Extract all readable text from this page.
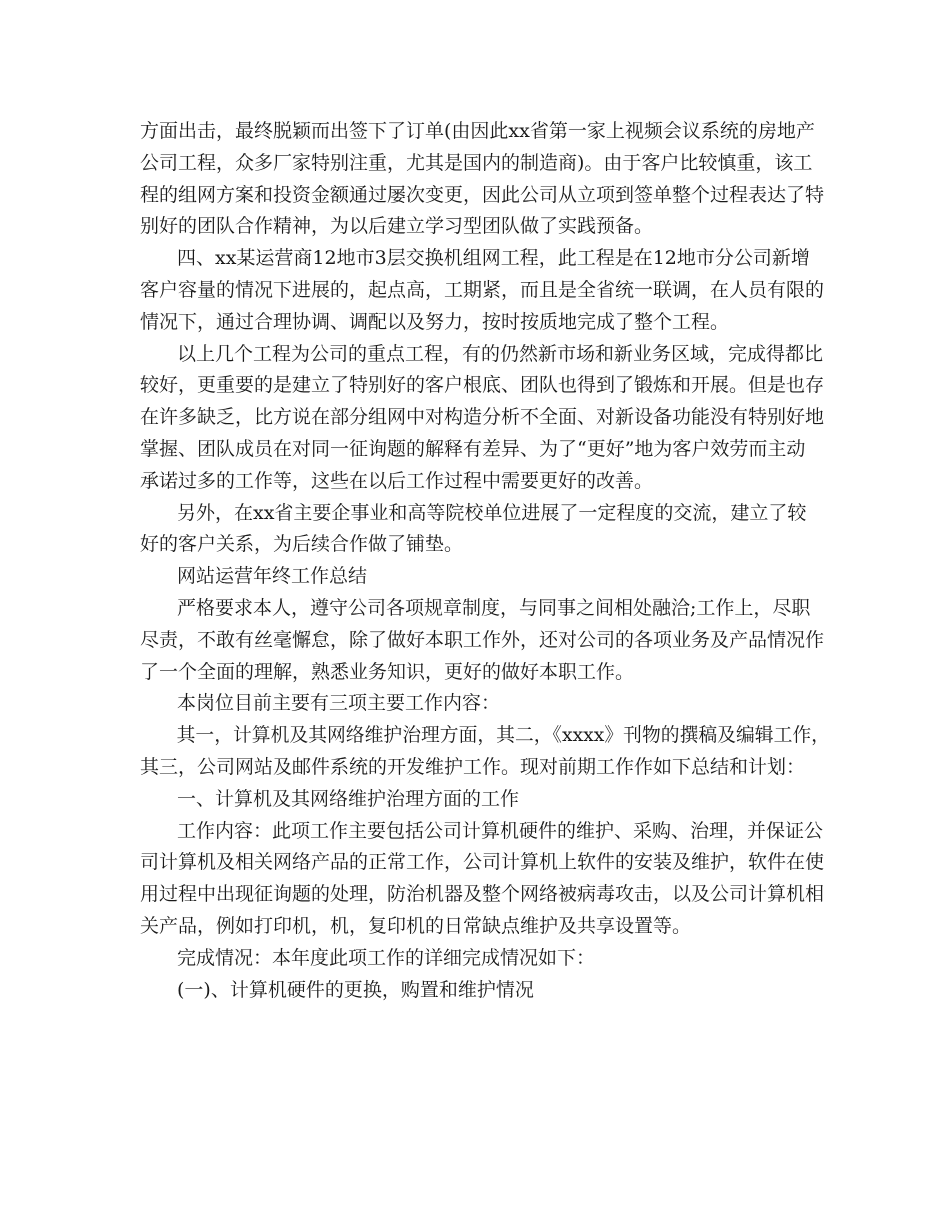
方面出击，最终脱颖而出签下了订单(由因此xx省第一家上视频会议系统的房地产
公司工程，众多厂家特别注重，尤其是国内的制造商)。由于客户比较慎重，该工
程的组网方案和投资金额通过屡次变更，因此公司从立项到签单整个过程表达了特
别好的团队合作精神，为以后建立学习型团队做了实践预备。
四、xx某运营商12地市3层交换机组网工程，此工程是在12地市分公司新增
客户容量的情况下进展的，起点高，工期紧，而且是全省统一联调，在人员有限的
情况下，通过合理协调、调配以及努力，按时按质地完成了整个工程。
以上几个工程为公司的重点工程，有的仍然新市场和新业务区域，完成得都比
较好，更重要的是建立了特别好的客户根底、团队也得到了锻炼和开展。但是也存
在许多缺乏，比方说在部分组网中对构造分析不全面、对新设备功能没有特别好地
掌握、团队成员在对同一征询题的解释有差异、为了“更好”地为客户效劳而主动
承诺过多的工作等，这些在以后工作过程中需要更好的改善。
另外，在xx省主要企事业和高等院校单位进展了一定程度的交流，建立了较
好的客户关系，为后续合作做了铺垫。
网站运营年终工作总结
严格要求本人，遵守公司各项规章制度，与同事之间相处融洽;工作上，尽职
尽责，不敢有丝毫懈怠，除了做好本职工作外，还对公司的各项业务及产品情况作
了一个全面的理解，熟悉业务知识，更好的做好本职工作。
本岗位目前主要有三项主要工作内容：
其一，计算机及其网络维护治理方面，其二，《xxxx》刊物的撰稿及编辑工作，
其三，公司网站及邮件系统的开发维护工作。现对前期工作作如下总结和计划：
一、计算机及其网络维护治理方面的工作
工作内容：此项工作主要包括公司计算机硬件的维护、采购、治理，并保证公
司计算机及相关网络产品的正常工作，公司计算机上软件的安装及维护，软件在使
用过程中出现征询题的处理，防治机器及整个网络被病毒攻击，以及公司计算机相
关产品，例如打印机，机，复印机的日常缺点维护及共享设置等。
完成情况：本年度此项工作的详细完成情况如下：
(一)、计算机硬件的更换，购置和维护情况
